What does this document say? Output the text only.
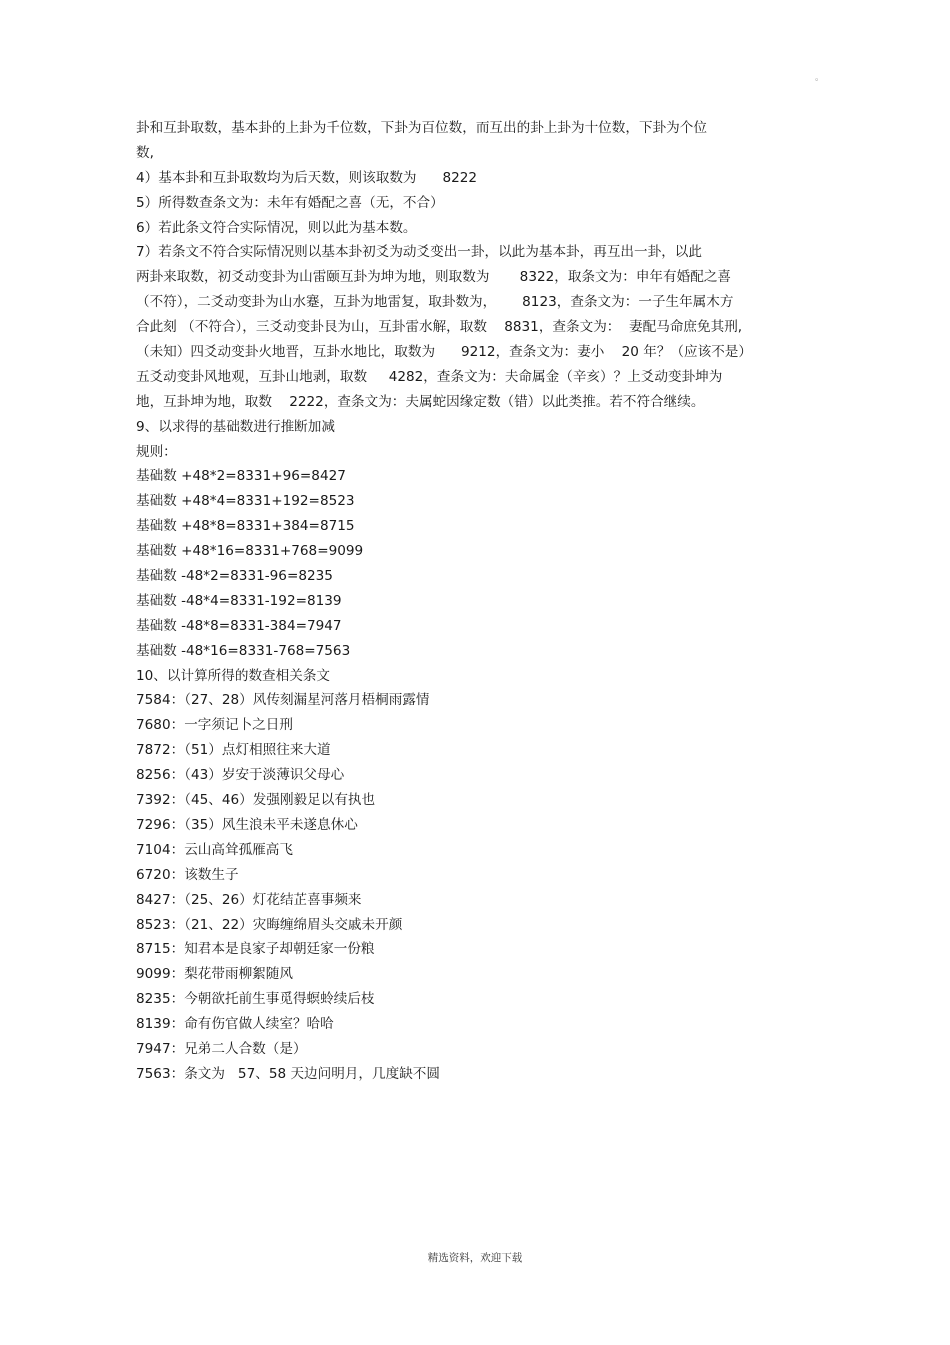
。
卦和互卦取数，基本卦的上卦为千位数，下卦为百位数，而互出的卦上卦为十位数，下卦为个位
数,
4）基本卦和互卦取数均为后天数，则该取数为      8222
5）所得数查条文为：未年有婚配之喜（无，不合）
6）若此条文符合实际情况，则以此为基本数。
7）若条文不符合实际情况则以基本卦初爻为动爻变出一卦，以此为基本卦，再互出一卦，以此
两卦来取数，初爻动变卦为山雷颐互卦为坤为地，则取数为       8322，取条文为：申年有婚配之喜
（不符），二爻动变卦为山水蹇，互卦为地雷复，取卦数为，      8123，查条文为：一子生年属木方
合此刻 （不符合），三爻动变卦艮为山，互卦雷水解，取数    8831，查条文为：  妻配马命庶免其刑,
（未知）四爻动变卦火地晋，互卦水地比，取数为      9212，查条文为：妻小    20 年？（应该不是）
五爻动变卦风地观，互卦山地剥，取数     4282，查条文为：夫命属金（辛亥）？上爻动变卦坤为
地，互卦坤为地，取数    2222，查条文为：夫属蛇因缘定数（错）以此类推。若不符合继续。
9、以求得的基础数进行推断加减
规则：
基础数 +48*2=8331+96=8427
基础数 +48*4=8331+192=8523
基础数 +48*8=8331+384=8715
基础数 +48*16=8331+768=9099
基础数 -48*2=8331-96=8235
基础数 -48*4=8331-192=8139
基础数 -48*8=8331-384=7947
基础数 -48*16=8331-768=7563
10、以计算所得的数查相关条文
7584：（27、28）风传刻漏星河落月梧桐雨露情
7680：一字须记卜之日刑
7872：（51）点灯相照往来大道
8256：（43）岁安于淡薄识父母心
7392：（45、46）发强刚毅足以有执也
7296：（35）风生浪未平未遂息休心
7104：云山高耸孤雁高飞
6720：该数生子
8427：（25、26）灯花结芷喜事频来
8523：（21、22）灾晦缠绵眉头交戚未开颜
8715：知君本是良家子却朝廷家一份粮
9099：梨花带雨柳絮随风
8235：今朝欲托前生事觅得螟蛉续后枝
8139：命有伤官做人续室？哈哈
7947：兄弟二人合数（是）
7563：条文为   57、58 天边问明月，几度缺不圆
精选资料，欢迎下载
